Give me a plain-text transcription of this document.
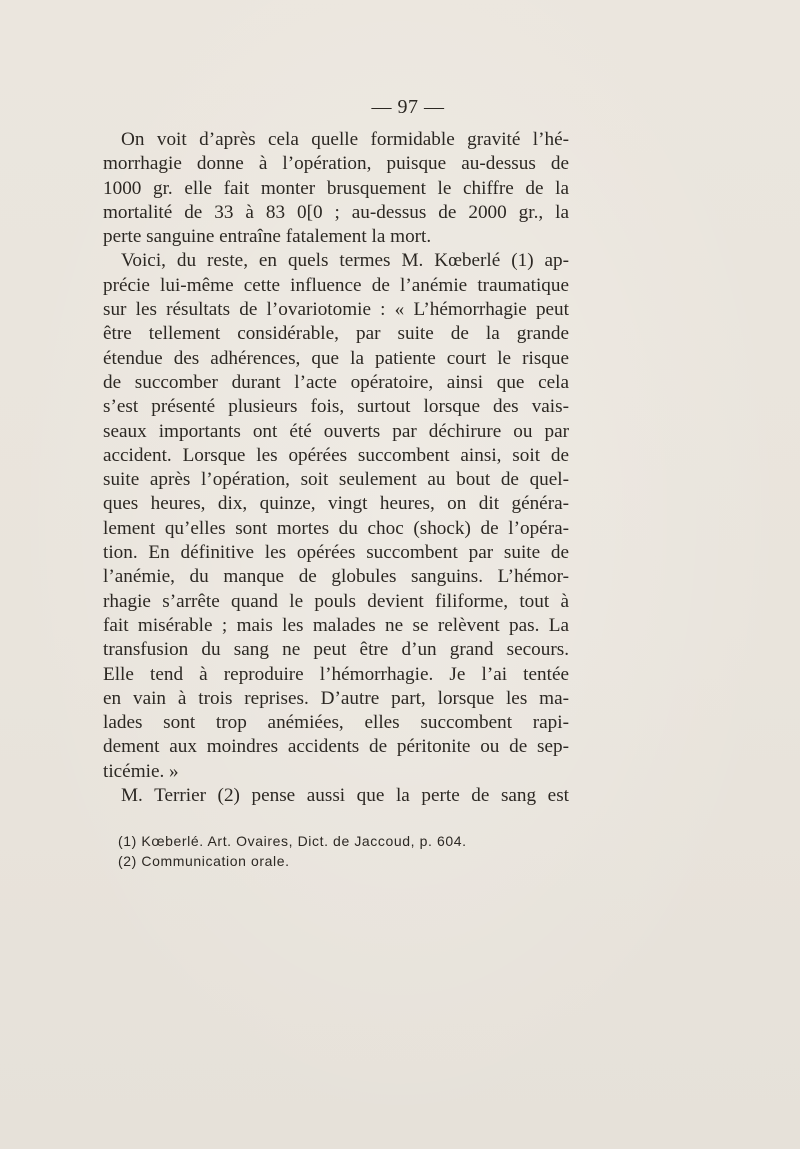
— 97 —
On voit d’après cela quelle formidable gravité l’hé-
morrhagie donne à l’opération, puisque au-dessus de
1000 gr. elle fait monter brusquement le chiffre de la
mortalité de 33 à 83 0[0 ; au-dessus de 2000 gr., la
perte sanguine entraîne fatalement la mort.
Voici, du reste, en quels termes M. Kœberlé (1) ap-
précie lui-même cette influence de l’anémie traumatique
sur les résultats de l’ovariotomie : « L’hémorrhagie peut
être tellement considérable, par suite de la grande
étendue des adhérences, que la patiente court le risque
de succomber durant l’acte opératoire, ainsi que cela
s’est présenté plusieurs fois, surtout lorsque des vais-
seaux importants ont été ouverts par déchirure ou par
accident. Lorsque les opérées succombent ainsi, soit de
suite après l’opération, soit seulement au bout de quel-
ques heures, dix, quinze, vingt heures, on dit généra-
lement qu’elles sont mortes du choc (shock) de l’opéra-
tion. En définitive les opérées succombent par suite de
l’anémie, du manque de globules sanguins. L’hémor-
rhagie s’arrête quand le pouls devient filiforme, tout à
fait misérable ; mais les malades ne se relèvent pas. La
transfusion du sang ne peut être d’un grand secours.
Elle tend à reproduire l’hémorrhagie. Je l’ai tentée
en vain à trois reprises. D’autre part, lorsque les ma-
lades sont trop anémiées, elles succombent rapi-
dement aux moindres accidents de péritonite ou de sep-
ticémie. »
M. Terrier (2) pense aussi que la perte de sang est
(1) Kœberlé. Art. Ovaires, Dict. de Jaccoud, p. 604.
(2) Communication orale.
